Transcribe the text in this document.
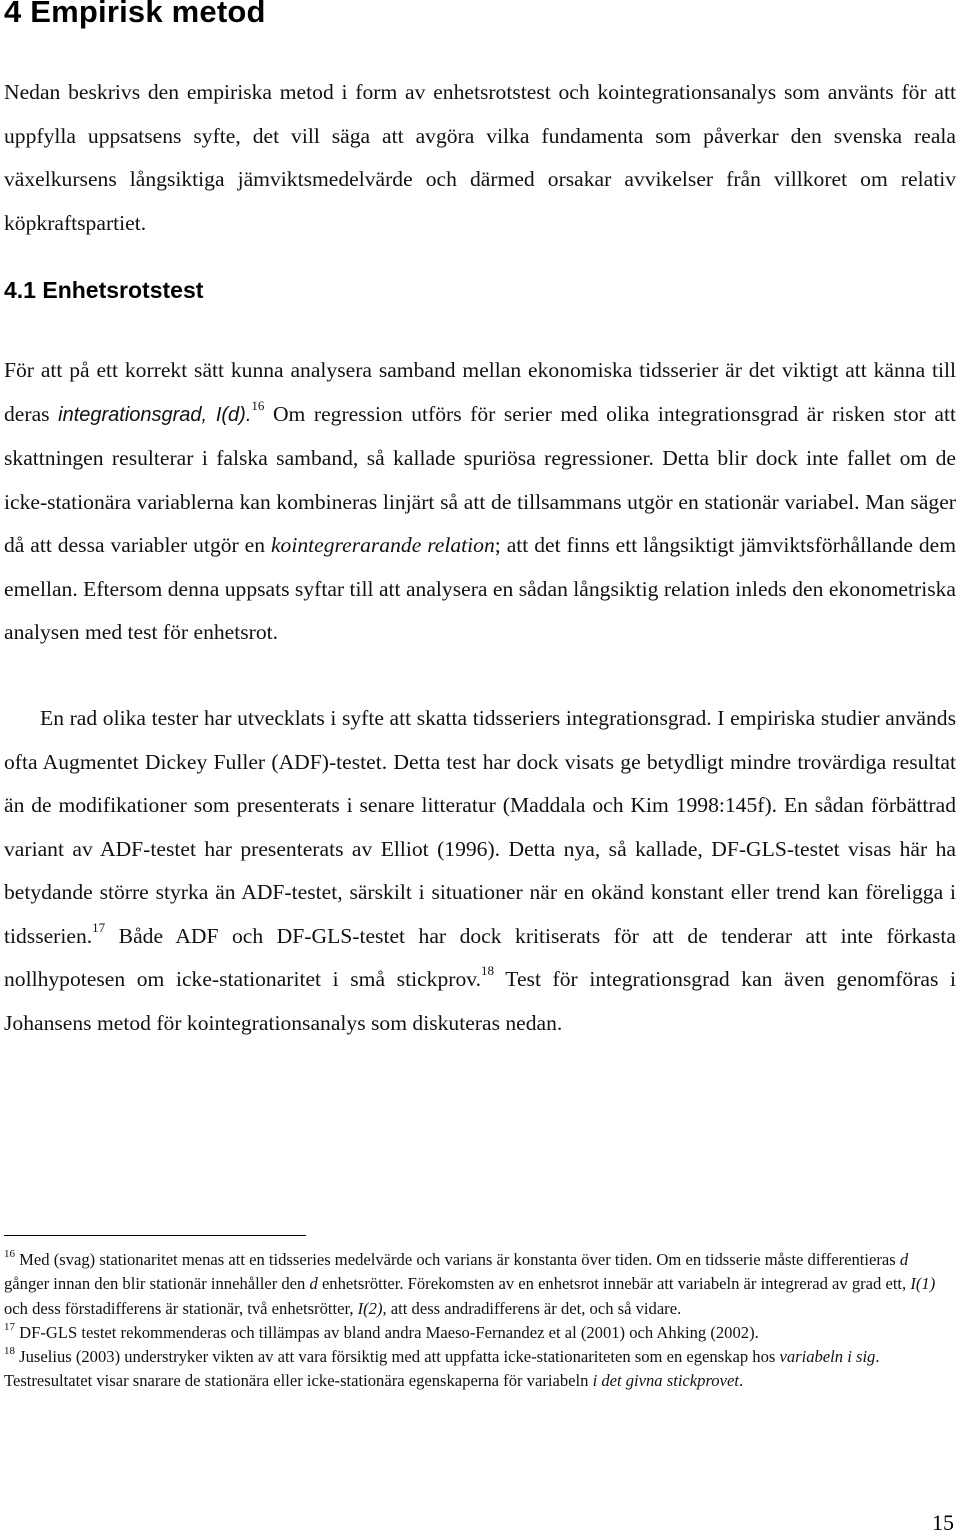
4 Empirisk metod

Nedan beskrivs den empiriska metod i form av enhetsrotstest och kointegrationsanalys som använts för att uppfylla uppsatsens syfte, det vill säga att avgöra vilka fundamenta som påverkar den svenska reala växelkursens långsiktiga jämviktsmedelvärde och därmed orsakar avvikelser från villkoret om relativ köpkraftspartiet.

4.1 Enhetsrotstest

För att på ett korrekt sätt kunna analysera samband mellan ekonomiska tidsserier är det viktigt att känna till deras integrationsgrad, I(d).$^{16}$ Om regression utförs för serier med olika integrationsgrad är risken stor att skattningen resulterar i falska samband, så kallade spuriösa regressioner. Detta blir dock inte fallet om de icke-stationära variablerna kan kombineras linjärt så att de tillsammans utgör en stationär variabel. Man säger då att dessa variabler utgör en kointegrerarande relation; att det finns ett långsiktigt jämviktsförhållande dem emellan. Eftersom denna uppsats syftar till att analysera en sådan långsiktig relation inleds den ekonometriska analysen med test för enhetsrot.

En rad olika tester har utvecklats i syfte att skatta tidsseriers integrationsgrad. I empiriska studier används ofta Augmentet Dickey Fuller (ADF)-testet. Detta test har dock visats ge betydligt mindre trovärdiga resultat än de modifikationer som presenterats i senare litteratur (Maddala och Kim 1998:145f). En sådan förbättrad variant av ADF-testet har presenterats av Elliot (1996). Detta nya, så kallade, DF-GLS-testet visas här ha betydande större styrka än ADF-testet, särskilt i situationer när en okänd konstant eller trend kan föreligga i tidsserien.$^{17}$ Både ADF och DF-GLS-testet har dock kritiserats för att de tenderar att inte förkasta nollhypotesen om icke-stationaritet i små stickprov.$^{18}$ Test för integrationsgrad kan även genomföras i Johansens metod för kointegrationsanalys som diskuteras nedan.

$^{16}$ Med (svag) stationaritet menas att en tidsseries medelvärde och varians är konstanta över tiden. Om en tidsserie måste differentieras d gånger innan den blir stationär innehåller den d enhetsrötter. Förekomsten av en enhetsrot innebär att variabeln är integrerad av grad ett, I(1) och dess förstadifferens är stationär, två enhetsrötter, I(2), att dess andradifferens är det, och så vidare.

$^{17}$ DF-GLS testet rekommenderas och tillämpas av bland andra Maeso-Fernandez et al (2001) och Ahking (2002).

$^{18}$ Juselius (2003) understryker vikten av att vara försiktig med att uppfatta icke-stationariteten som en egenskap hos variabeln i sig. Testresultatet visar snarare de stationära eller icke-stationära egenskaperna för variabeln i det givna stickprovet.

15
